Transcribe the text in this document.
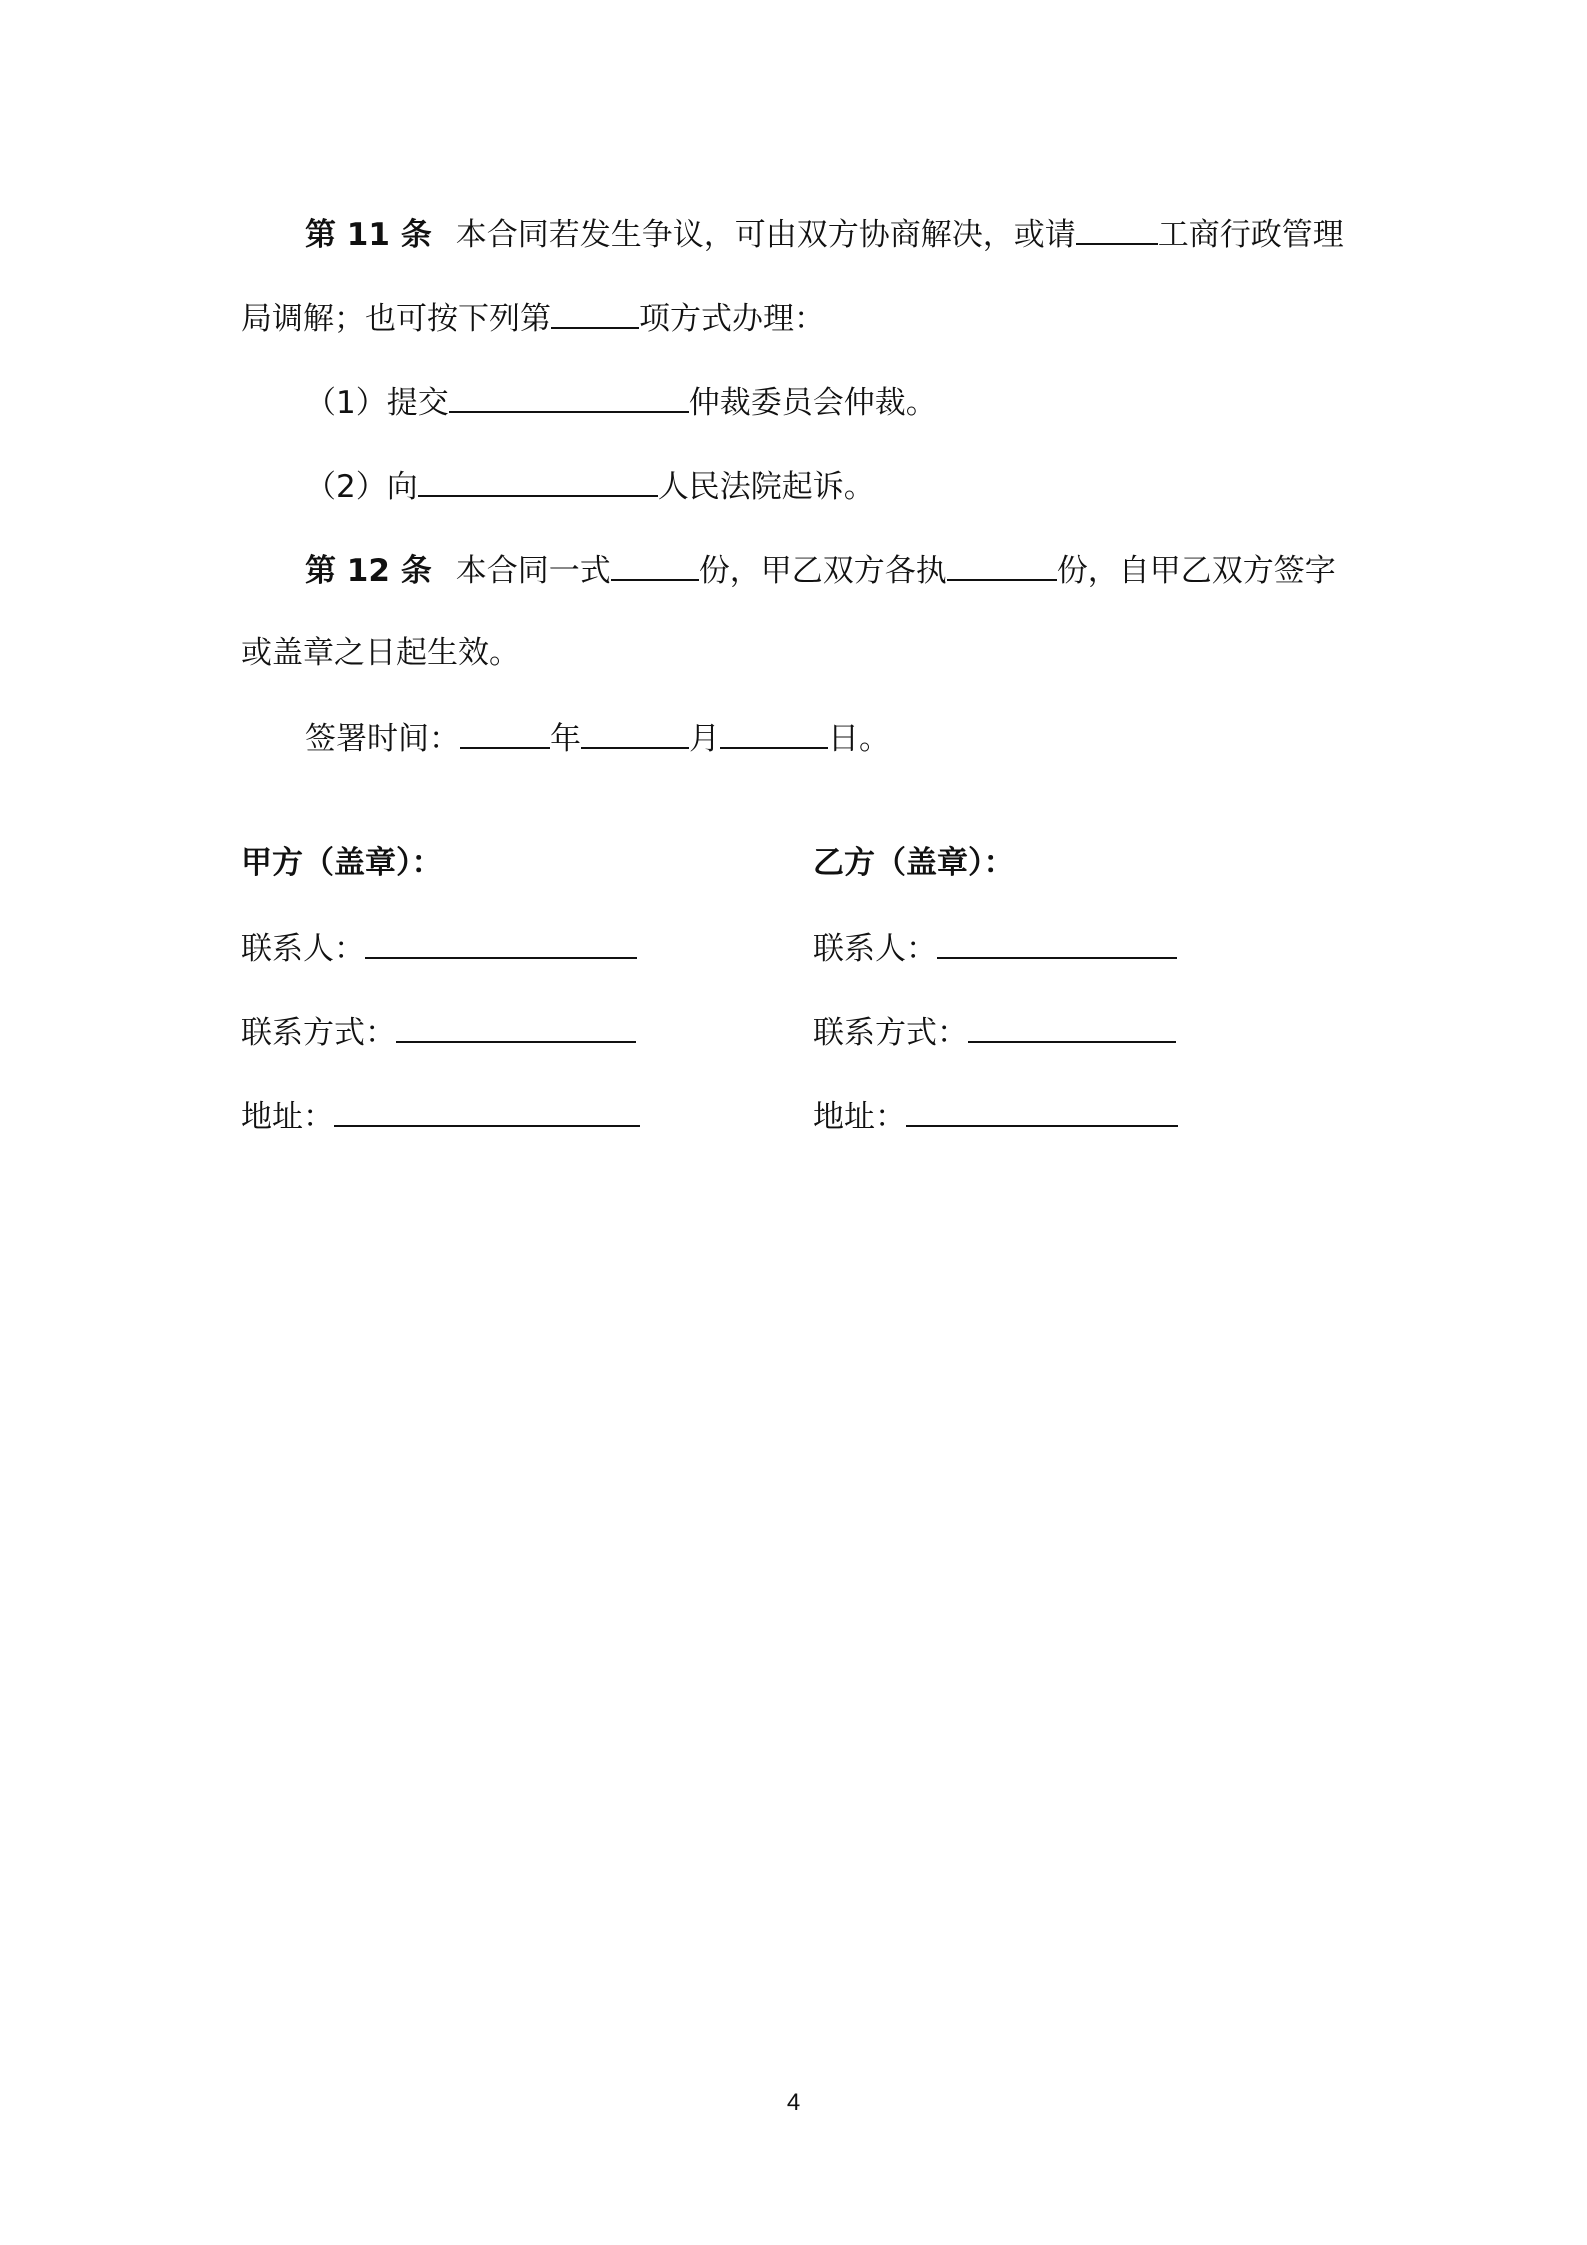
第 11 条 本合同若发生争议，可由双方协商解决，或请	工商行政管理
局调解；也可按下列第	项方式办理：
（1）提交	仲裁委员会仲裁。
（2）向	人民法院起诉。
第 12 条 本合同一式	份，甲乙双方各执	份，自甲乙双方签字
或盖章之日起生效。
签署时间：	年	月	日。
甲方（盖章）：
联系人：
联系方式：
地址：
乙方（盖章）：
联系人：
联系方式：
地址：
4
